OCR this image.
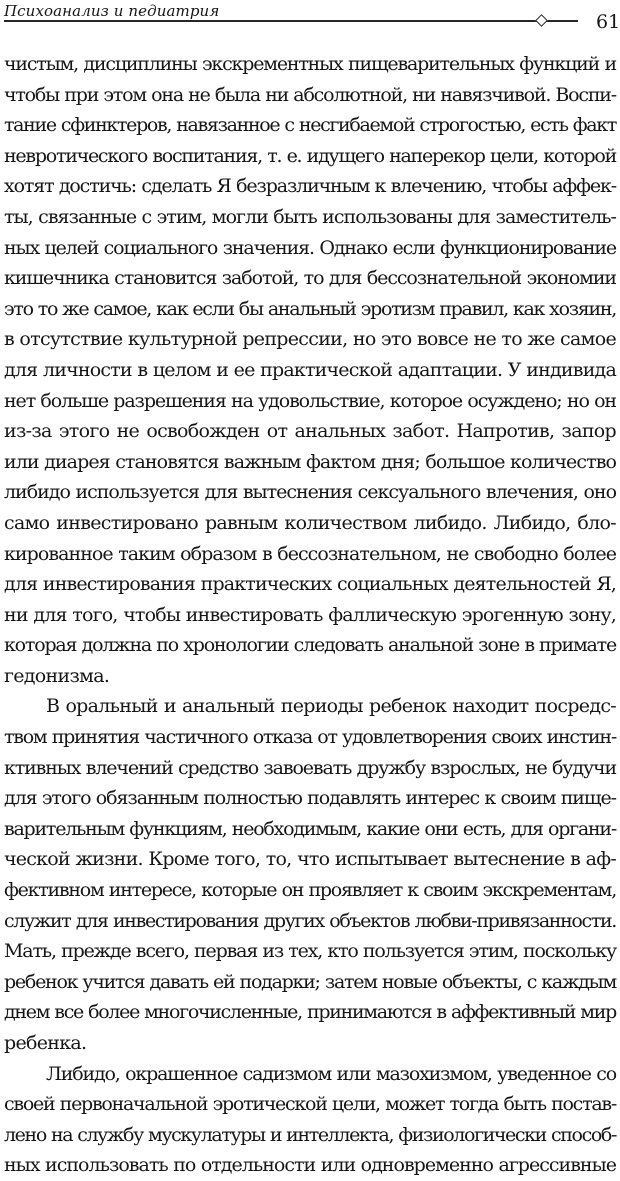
Психоанализ и педиатрия	61
чистым, дисциплины экскрементных пищеварительных функций и
чтобы при этом она не была ни абсолютной, ни навязчивой. Воспи-
тание сфинктеров, навязанное с несгибаемой строгостью, есть факт
невротического воспитания, т. е. идущего наперекор цели, которой
хотят достичь: сделать Я безразличным к влечению, чтобы аффек-
ты, связанные с этим, могли быть использованы для заместитель-
ных целей социального значения. Однако если функционирование
кишечника становится заботой, то для бессознательной экономии
это то же самое, как если бы анальный эротизм правил, как хозяин,
в отсутствие культурной репрессии, но это вовсе не то же самое
для личности в целом и ее практической адаптации. У индивида
нет больше разрешения на удовольствие, которое осуждено; но он
из-за этого не освобожден от анальных забот. Напротив, запор
или диарея становятся важным фактом дня; большое количество
либидо используется для вытеснения сексуального влечения, оно
само инвестировано равным количеством либидо. Либидо, бло-
кированное таким образом в бессознательном, не свободно более
для инвестирования практических социальных деятельностей Я,
ни для того, чтобы инвестировать фаллическую эрогенную зону,
которая должна по хронологии следовать анальной зоне в примате
гедонизма.
В оральный и анальный периоды ребенок находит посредс-
твом принятия частичного отказа от удовлетворения своих инстин-
ктивных влечений средство завоевать дружбу взрослых, не будучи
для этого обязанным полностью подавлять интерес к своим пище-
варительным функциям, необходимым, какие они есть, для органи-
ческой жизни. Кроме того, то, что испытывает вытеснение в аф-
фективном интересе, которые он проявляет к своим экскрементам,
служит для инвестирования других объектов любви-привязанности.
Мать, прежде всего, первая из тех, кто пользуется этим, поскольку
ребенок учится давать ей подарки; затем новые объекты, с каждым
днем все более многочисленные, принимаются в аффективный мир
ребенка.
Либидо, окрашенное садизмом или мазохизмом, уведенное со
своей первоначальной эротической цели, может тогда быть постав-
лено на службу мускулатуры и интеллекта, физиологически способ-
ных использовать по отдельности или одновременно агрессивные
